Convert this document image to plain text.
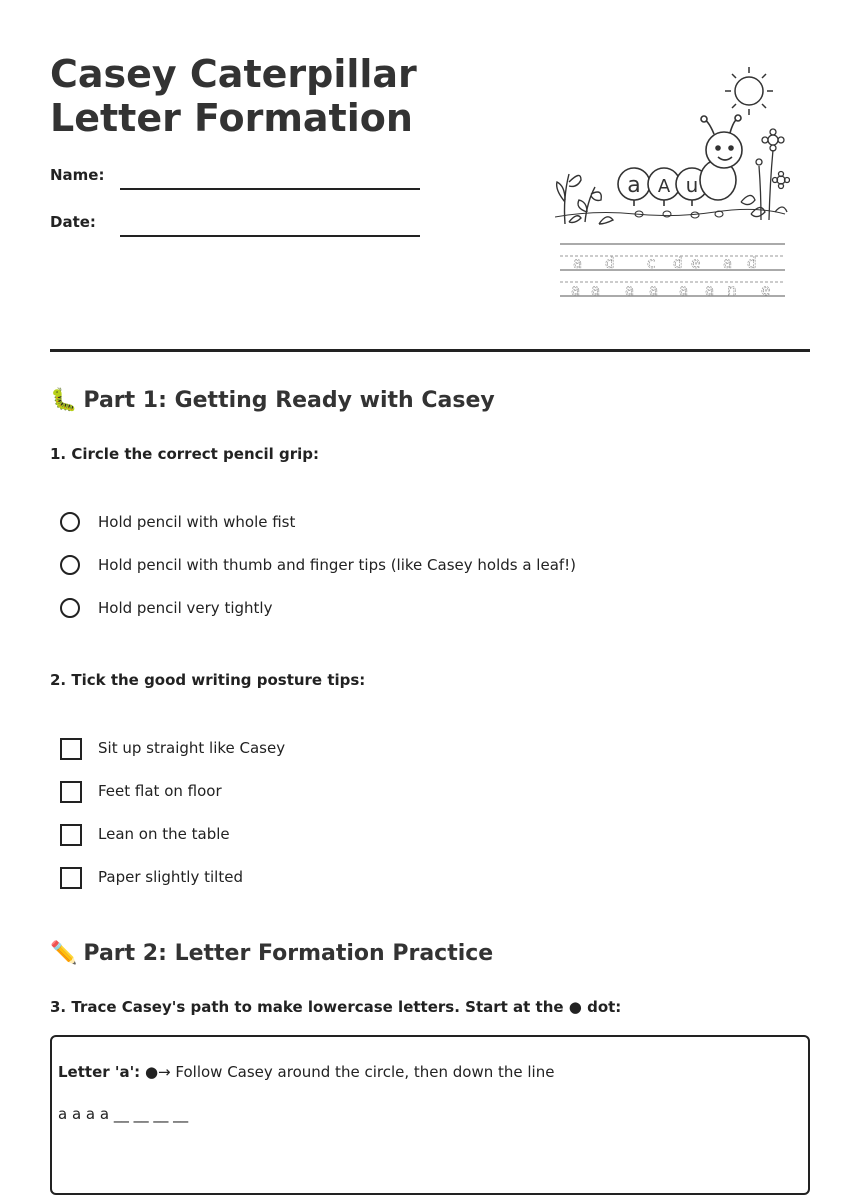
Casey Caterpillar Letter Formation
Name:
Date:
a A u
a d c d e a d
a a a a a a n e
🐛 Part 1: Getting Ready with Casey
1. Circle the correct pencil grip:
Hold pencil with whole fist
Hold pencil with thumb and finger tips (like Casey holds a leaf!)
Hold pencil very tightly
2. Tick the good writing posture tips:
Sit up straight like Casey
Feet flat on floor
Lean on the table
Paper slightly tilted
✏️ Part 2: Letter Formation Practice
3. Trace Casey's path to make lowercase letters. Start at the ● dot:
Letter 'a': ●→ Follow Casey around the circle, then down the line
a a a a __ __ __ __
